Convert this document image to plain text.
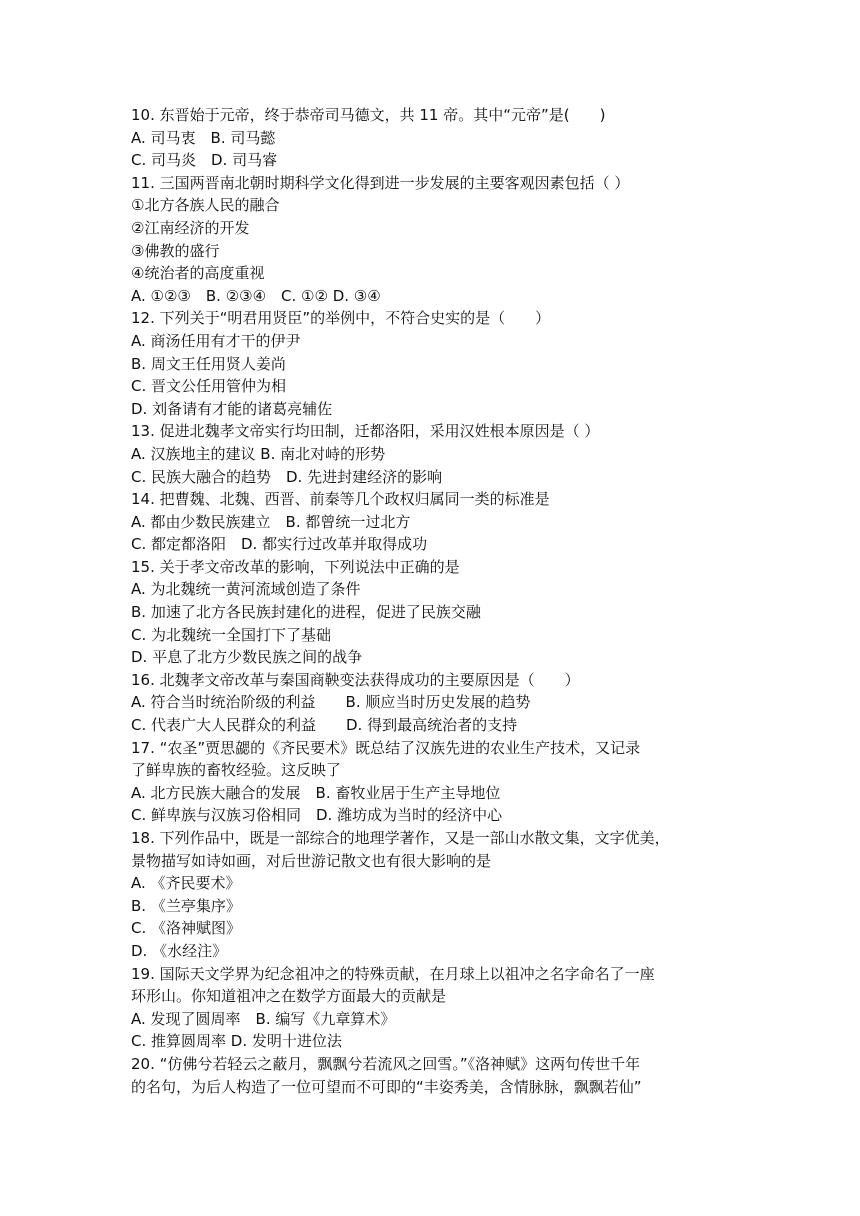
10. 东晋始于元帝，终于恭帝司马德文，共 11 帝。其中“元帝”是(　　)
A. 司马衷　B. 司马懿
C. 司马炎　D. 司马睿
11. 三国两晋南北朝时期科学文化得到进一步发展的主要客观因素包括（ ）
①北方各族人民的融合
②江南经济的开发
③佛教的盛行
④统治者的高度重视
A. ①②③　B. ②③④　C. ①② D. ③④
12. 下列关于“明君用贤臣”的举例中，不符合史实的是（　　）
A. 商汤任用有才干的伊尹
B. 周文王任用贤人姜尚
C. 晋文公任用管仲为相
D. 刘备请有才能的诸葛亮辅佐
13. 促进北魏孝文帝实行均田制，迁都洛阳，采用汉姓根本原因是（ ）
A. 汉族地主的建议 B. 南北对峙的形势
C. 民族大融合的趋势　D. 先进封建经济的影响
14. 把曹魏、北魏、西晋、前秦等几个政权归属同一类的标准是
A. 都由少数民族建立　B. 都曾统一过北方
C. 都定都洛阳　D. 都实行过改革并取得成功
15. 关于孝文帝改革的影响，下列说法中正确的是
A. 为北魏统一黄河流域创造了条件
B. 加速了北方各民族封建化的进程，促进了民族交融
C. 为北魏统一全国打下了基础
D. 平息了北方少数民族之间的战争
16. 北魏孝文帝改革与秦国商鞅变法获得成功的主要原因是（　　）
A. 符合当时统治阶级的利益　　B. 顺应当时历史发展的趋势
C. 代表广大人民群众的利益　　D. 得到最高统治者的支持
17. “农圣”贾思勰的《齐民要术》既总结了汉族先进的农业生产技术，又记录
了鲜卑族的畜牧经验。这反映了
A. 北方民族大融合的发展　B. 畜牧业居于生产主导地位
C. 鲜卑族与汉族习俗相同　D. 潍坊成为当时的经济中心
18. 下列作品中，既是一部综合的地理学著作，又是一部山水散文集，文字优美，
景物描写如诗如画，对后世游记散文也有很大影响的是
A. 《齐民要术》
B. 《兰亭集序》
C. 《洛神赋图》
D. 《水经注》
19. 国际天文学界为纪念祖冲之的特殊贡献，在月球上以祖冲之名字命名了一座
环形山。你知道祖冲之在数学方面最大的贡献是
A. 发现了圆周率　B. 编写《九章算术》
C. 推算圆周率 D. 发明十进位法
20. “仿佛兮若轻云之蔽月，飘飘兮若流风之回雪。”《洛神赋》这两句传世千年
的名句，为后人构造了一位可望而不可即的“丰姿秀美，含情脉脉，飘飘若仙”
